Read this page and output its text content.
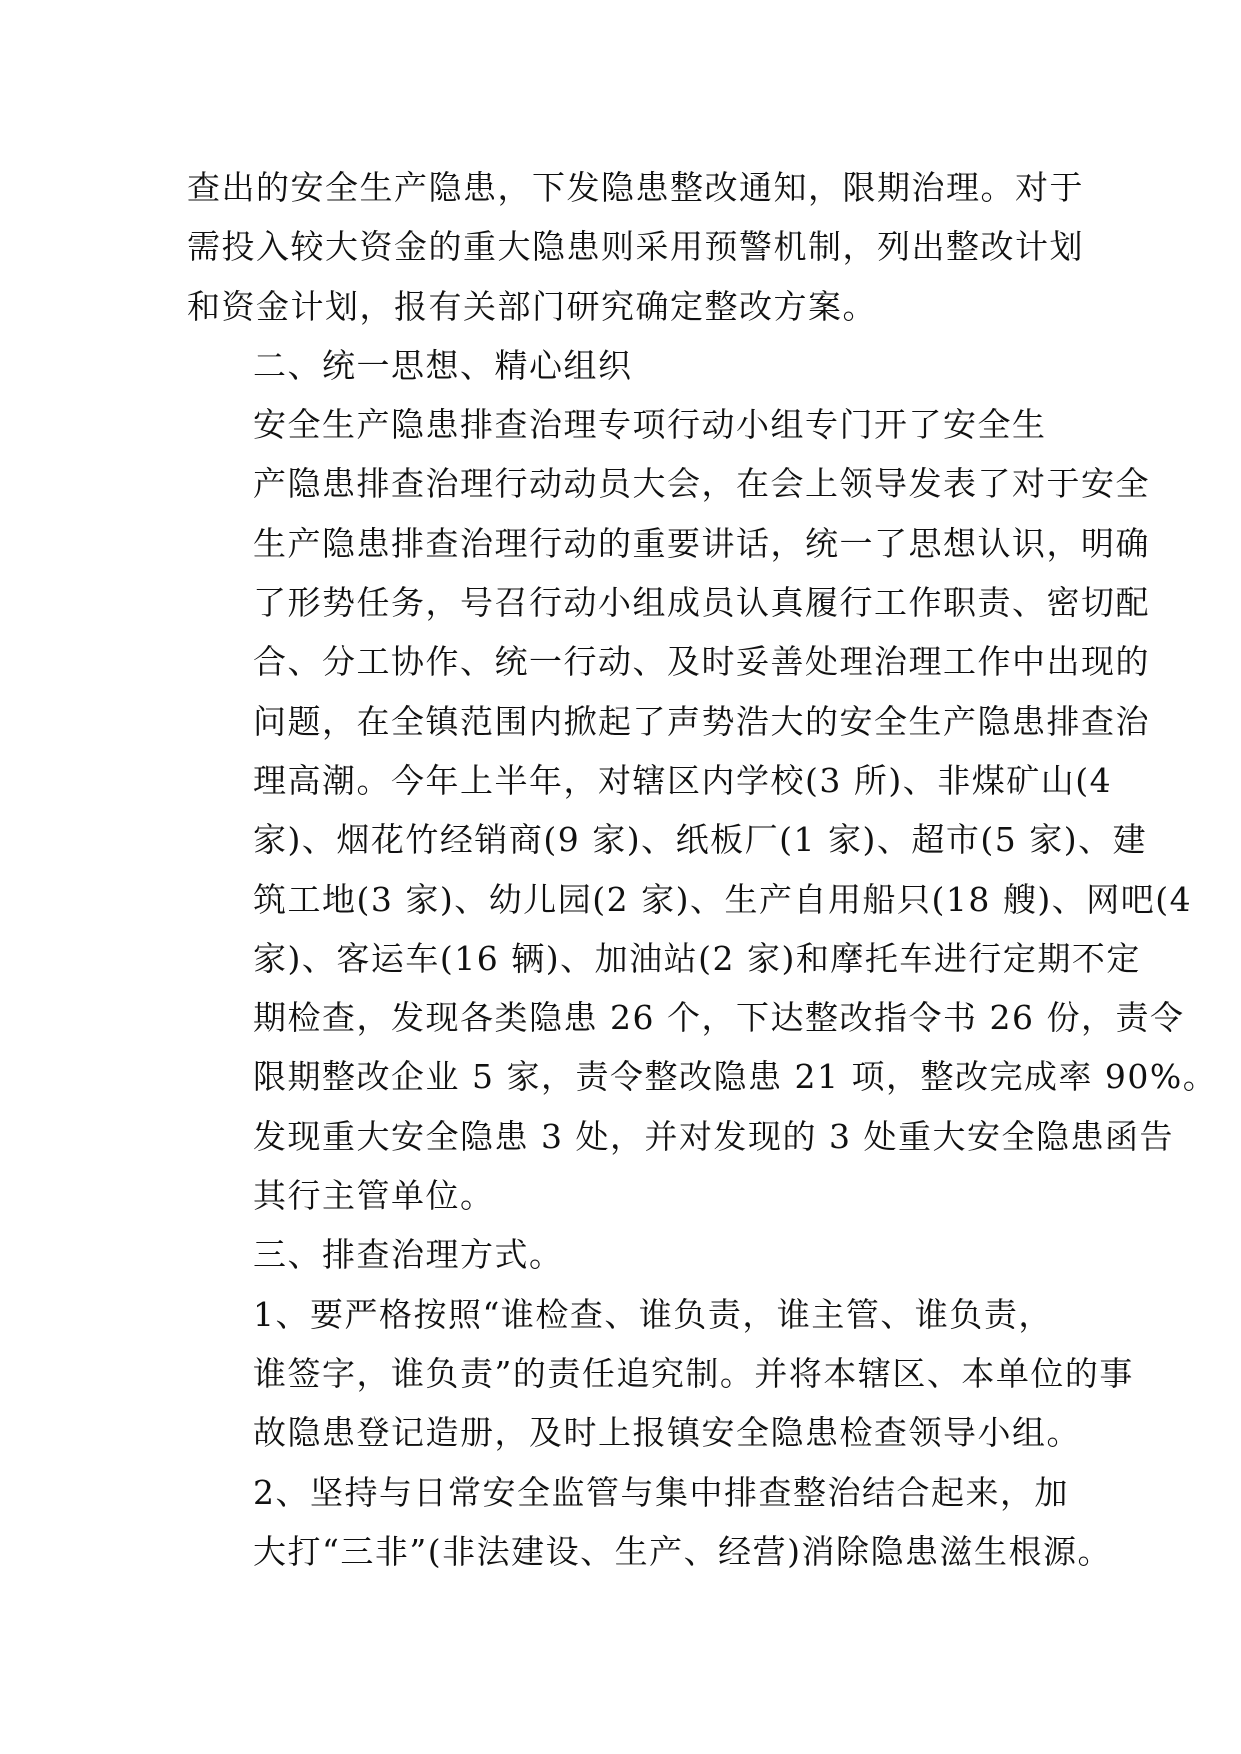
查出的安全生产隐患，下发隐患整改通知，限期治理。对于
需投入较大资金的重大隐患则采用预警机制，列出整改计划
和资金计划，报有关部门研究确定整改方案。
二、统一思想、精心组织
安全生产隐患排查治理专项行动小组专门开了安全生
产隐患排查治理行动动员大会，在会上领导发表了对于安全
生产隐患排查治理行动的重要讲话，统一了思想认识，明确
了形势任务，号召行动小组成员认真履行工作职责、密切配
合、分工协作、统一行动、及时妥善处理治理工作中出现的
问题，在全镇范围内掀起了声势浩大的安全生产隐患排查治
理高潮。今年上半年，对辖区内学校(3 所)、非煤矿山(4
家)、烟花竹经销商(9 家)、纸板厂(1 家)、超市(5 家)、建
筑工地(3 家)、幼儿园(2 家)、生产自用船只(18 艘)、网吧(4
家)、客运车(16 辆)、加油站(2 家)和摩托车进行定期不定
期检查，发现各类隐患 26 个，下达整改指令书 26 份，责令
限期整改企业 5 家，责令整改隐患 21 项，整改完成率 90%。
发现重大安全隐患 3 处，并对发现的 3 处重大安全隐患函告
其行主管单位。
三、排查治理方式。
1、要严格按照“谁检查、谁负责，谁主管、谁负责，
谁签字，谁负责”的责任追究制。并将本辖区、本单位的事
故隐患登记造册，及时上报镇安全隐患检查领导小组。
2、坚持与日常安全监管与集中排查整治结合起来，加
大打“三非”(非法建设、生产、经营)消除隐患滋生根源。
